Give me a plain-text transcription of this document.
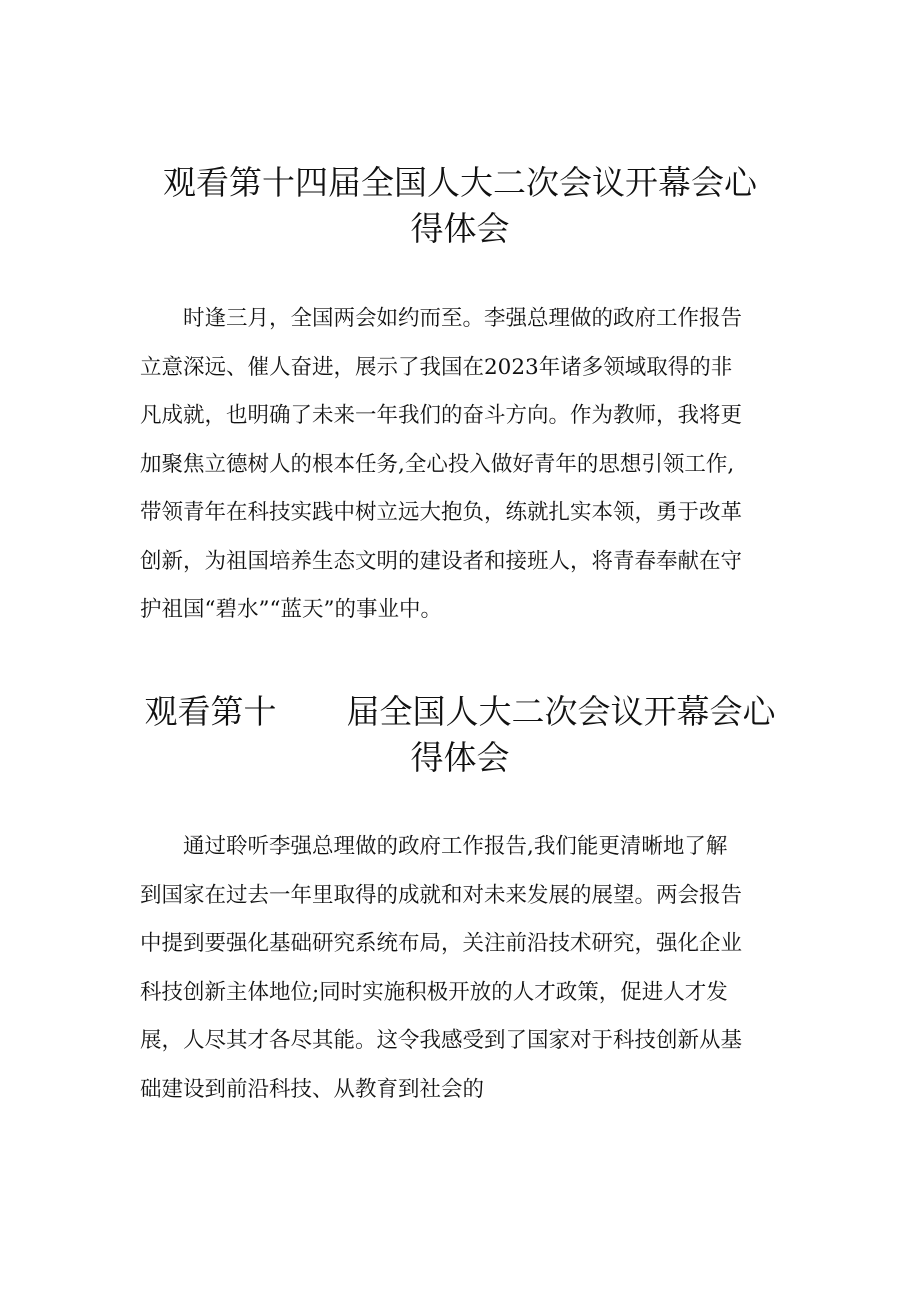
观看第十四届全国人大二次会议开幕会心
得体会
时逢三月，全国两会如约而至。李强总理做的政府工作报告
立意深远、催人奋进，展示了我国在2023年诸多领域取得的非
凡成就，也明确了未来一年我们的奋斗方向。作为教师，我将更
加聚焦立德树人的根本任务,全心投入做好青年的思想引领工作,
带领青年在科技实践中树立远大抱负，练就扎实本领，勇于改革
创新，为祖国培养生态文明的建设者和接班人，将青春奉献在守
护祖国“碧水”“蓝天”的事业中。
观看第十 届全国人大二次会议开幕会心
得体会
通过聆听李强总理做的政府工作报告,我们能更清晰地了解
到国家在过去一年里取得的成就和对未来发展的展望。两会报告
中提到要强化基础研究系统布局，关注前沿技术研究，强化企业
科技创新主体地位;同时实施积极开放的人才政策，促进人才发
展，人尽其才各尽其能。这令我感受到了国家对于科技创新从基
础建设到前沿科技、从教育到社会的
